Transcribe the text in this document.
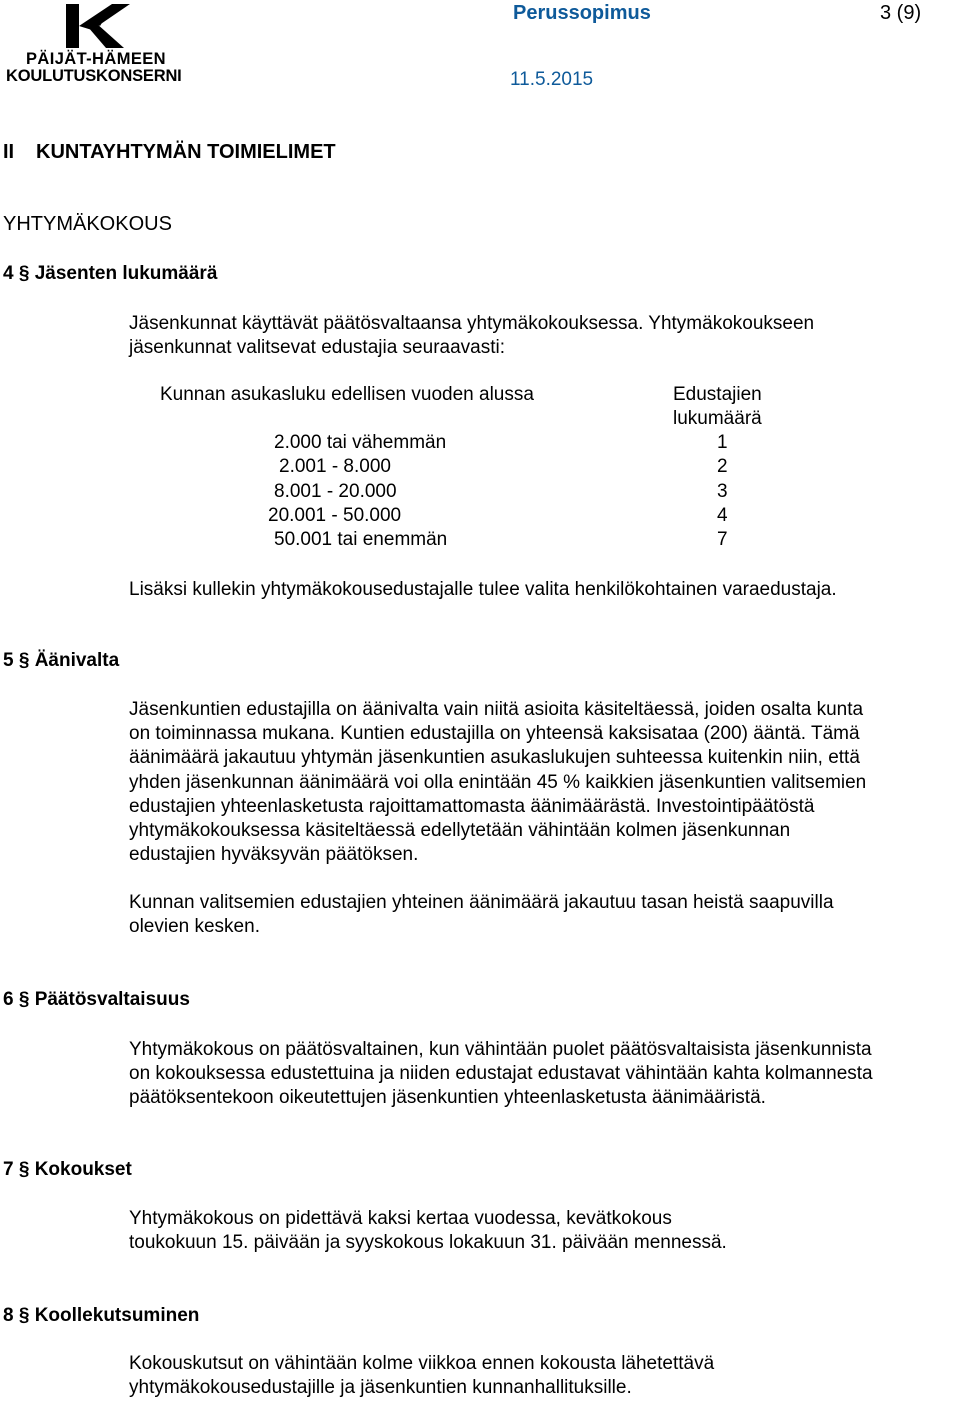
PÄIJÄT-HÄMEEN
KOULUTUSKONSERNI
Perussopimus	3 (9)
11.5.2015
II KUNTAYHTYMÄN TOIMIELIMET
YHTYMÄKOKOUS
4 § Jäsenten lukumäärä
Jäsenkunnat käyttävät päätösvaltaansa yhtymäkokouksessa. Yhtymäkokoukseen
jäsenkunnat valitsevat edustajia seuraavasti:
Kunnan asukasluku edellisen vuoden alussa	Edustajien
lukumäärä
2.000 tai vähemmän	1
2.001 - 8.000	2
8.001 - 20.000	3
20.001 - 50.000	4
50.001 tai enemmän	7
Lisäksi kullekin yhtymäkokousedustajalle tulee valita henkilökohtainen varaedustaja.
5 § Äänivalta
Jäsenkuntien edustajilla on äänivalta vain niitä asioita käsiteltäessä, joiden osalta kunta
on toiminnassa mukana. Kuntien edustajilla on yhteensä kaksisataa (200) ääntä. Tämä
äänimäärä jakautuu yhtymän jäsenkuntien asukaslukujen suhteessa kuitenkin niin, että
yhden jäsenkunnan äänimäärä voi olla enintään 45 % kaikkien jäsenkuntien valitsemien
edustajien yhteenlasketusta rajoittamattomasta äänimäärästä. Investointipäätöstä
yhtymäkokouksessa käsiteltäessä edellytetään vähintään kolmen jäsenkunnan
edustajien hyväksyvän päätöksen.
Kunnan valitsemien edustajien yhteinen äänimäärä jakautuu tasan heistä saapuvilla
olevien kesken.
6 § Päätösvaltaisuus
Yhtymäkokous on päätösvaltainen, kun vähintään puolet päätösvaltaisista jäsenkunnista
on kokouksessa edustettuina ja niiden edustajat edustavat vähintään kahta kolmannesta
päätöksentekoon oikeutettujen jäsenkuntien yhteenlasketusta äänimääristä.
7 § Kokoukset
Yhtymäkokous on pidettävä kaksi kertaa vuodessa, kevätkokous
toukokuun 15. päivään ja syyskokous lokakuun 31. päivään mennessä.
8 § Koollekutsuminen
Kokouskutsut on vähintään kolme viikkoa ennen kokousta lähetettävä
yhtymäkokousedustajille ja jäsenkuntien kunnanhallituksille.
